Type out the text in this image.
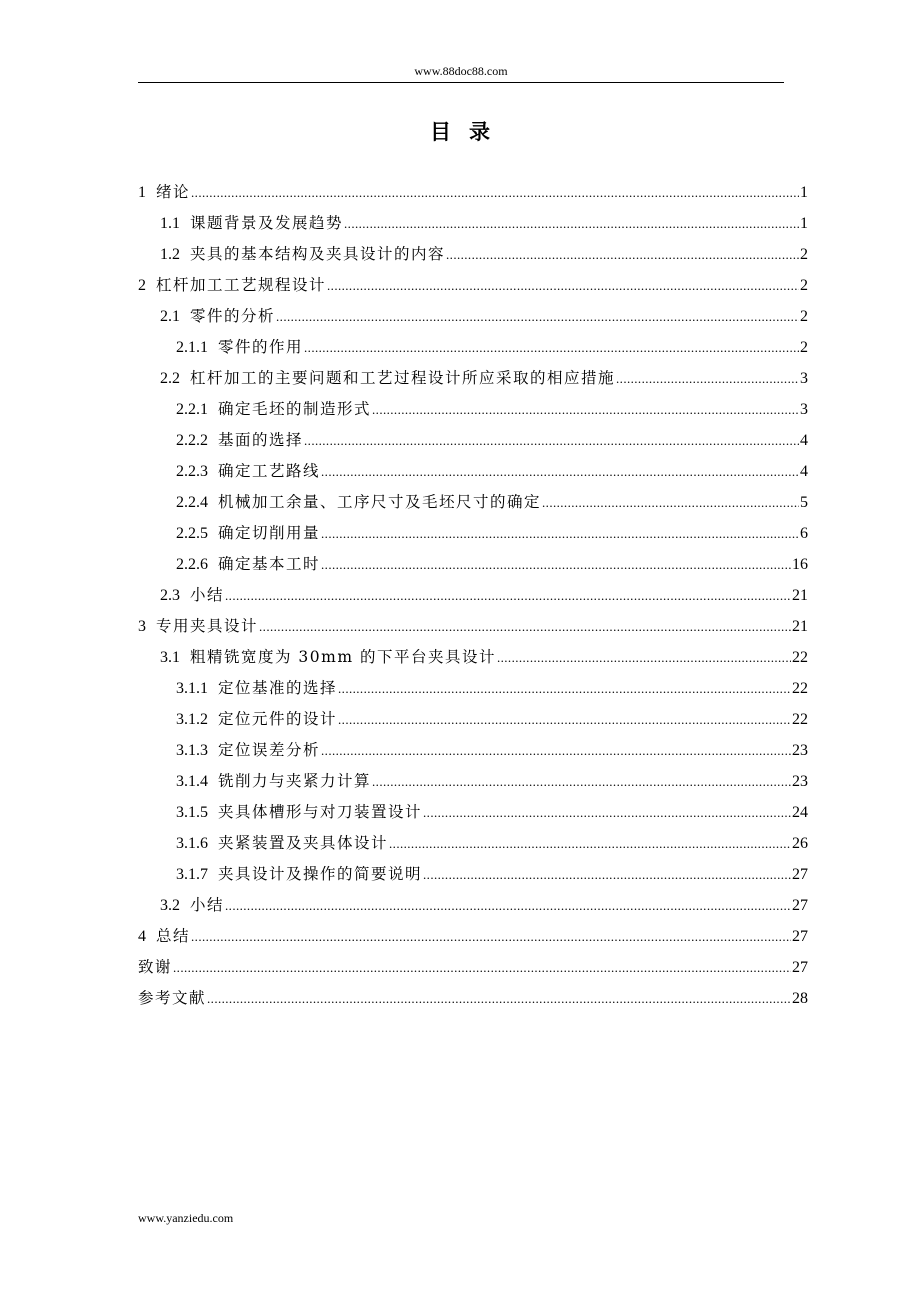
www.88doc88.com
目录
1 绪论 .....	1
1.1 课题背景及发展趋势 .....	1
1.2 夹具的基本结构及夹具设计的内容 .....	2
2 杠杆加工工艺规程设计 .....	2
2.1 零件的分析 .....	2
2.1.1 零件的作用 .....	2
2.2 杠杆加工的主要问题和工艺过程设计所应采取的相应措施 .....	3
2.2.1 确定毛坯的制造形式 .....	3
2.2.2 基面的选择 .....	4
2.2.3 确定工艺路线 .....	4
2.2.4 机械加工余量、工序尺寸及毛坯尺寸的确定 .....	5
2.2.5 确定切削用量 .....	6
2.2.6 确定基本工时 .....	16
2.3 小结 .....	21
3 专用夹具设计 .....	21
3.1 粗精铣宽度为 30mm 的下平台夹具设计 .....	22
3.1.1 定位基准的选择 .....	22
3.1.2 定位元件的设计 .....	22
3.1.3 定位误差分析 .....	23
3.1.4 铣削力与夹紧力计算 .....	23
3.1.5 夹具体槽形与对刀装置设计 .....	24
3.1.6 夹紧装置及夹具体设计 .....	26
3.1.7 夹具设计及操作的简要说明 .....	27
3.2 小结 .....	27
4 总结 .....	27
致谢 .....	27
参考文献 .....	28
www.yanziedu.com
